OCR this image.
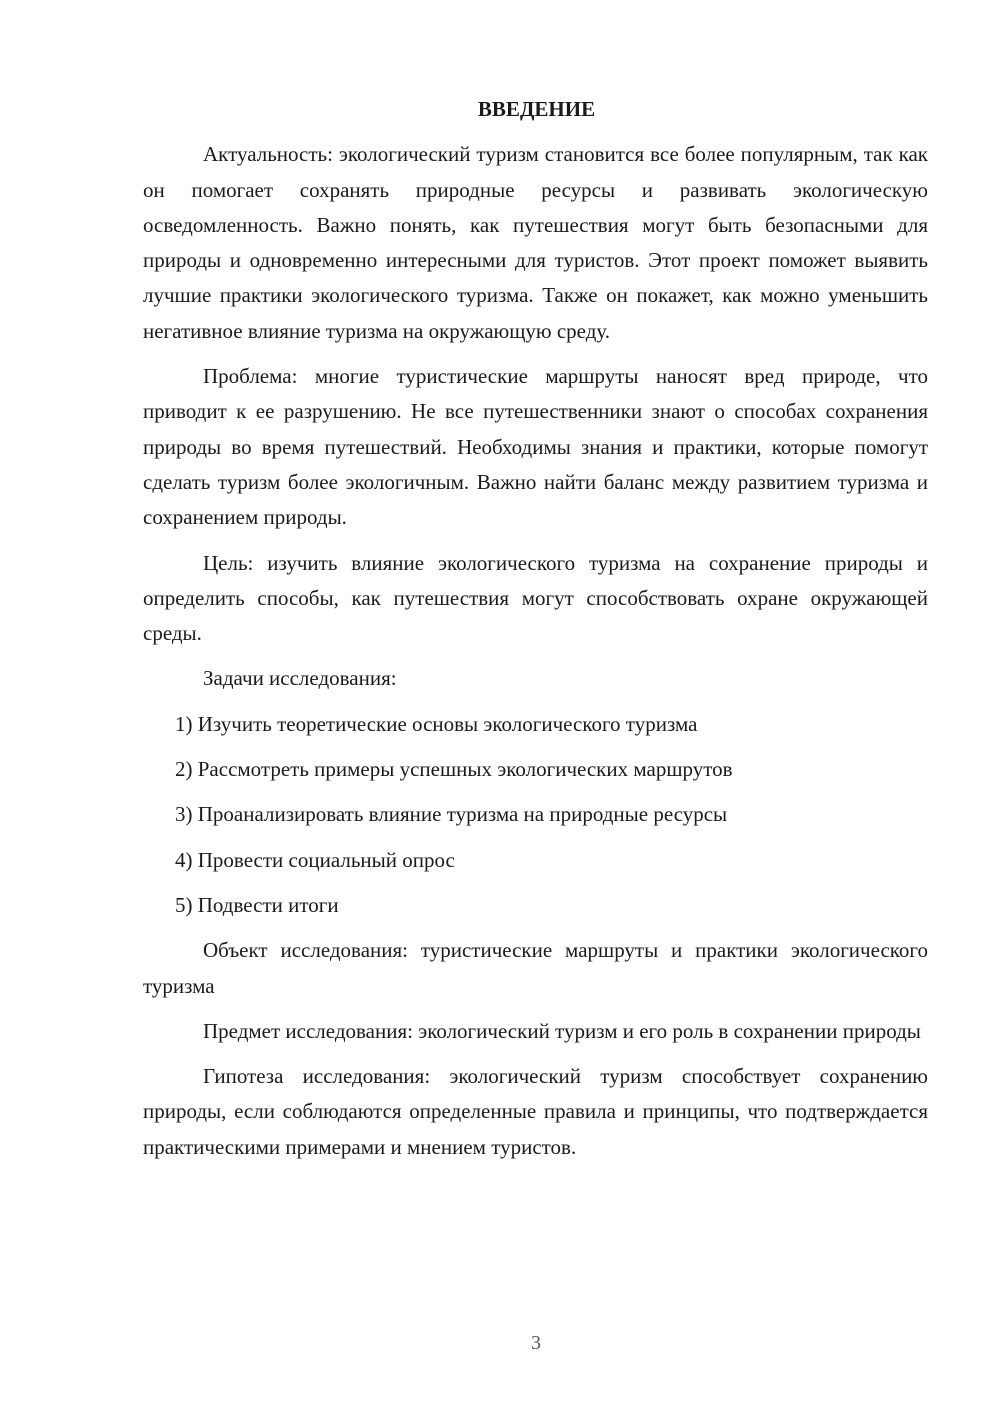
ВВЕДЕНИЕ

Актуальность: экологический туризм становится все более популярным, так как он помогает сохранять природные ресурсы и развивать экологическую осведомленность. Важно понять, как путешествия могут быть безопасными для природы и одновременно интересными для туристов. Этот проект поможет выявить лучшие практики экологического туризма. Также он покажет, как можно уменьшить негативное влияние туризма на окружающую среду.

Проблема: многие туристические маршруты наносят вред природе, что приводит к ее разрушению. Не все путешественники знают о способах сохранения природы во время путешествий. Необходимы знания и практики, которые помогут сделать туризм более экологичным. Важно найти баланс между развитием туризма и сохранением природы.

Цель: изучить влияние экологического туризма на сохранение природы и определить способы, как путешествия могут способствовать охране окружающей среды.

Задачи исследования:

1) Изучить теоретические основы экологического туризма
2) Рассмотреть примеры успешных экологических маршрутов
3) Проанализировать влияние туризма на природные ресурсы
4) Провести социальный опрос
5) Подвести итоги

Объект исследования: туристические маршруты и практики экологического туризма

Предмет исследования: экологический туризм и его роль в сохранении природы

Гипотеза исследования: экологический туризм способствует сохранению природы, если соблюдаются определенные правила и принципы, что подтверждается практическими примерами и мнением туристов.

3
